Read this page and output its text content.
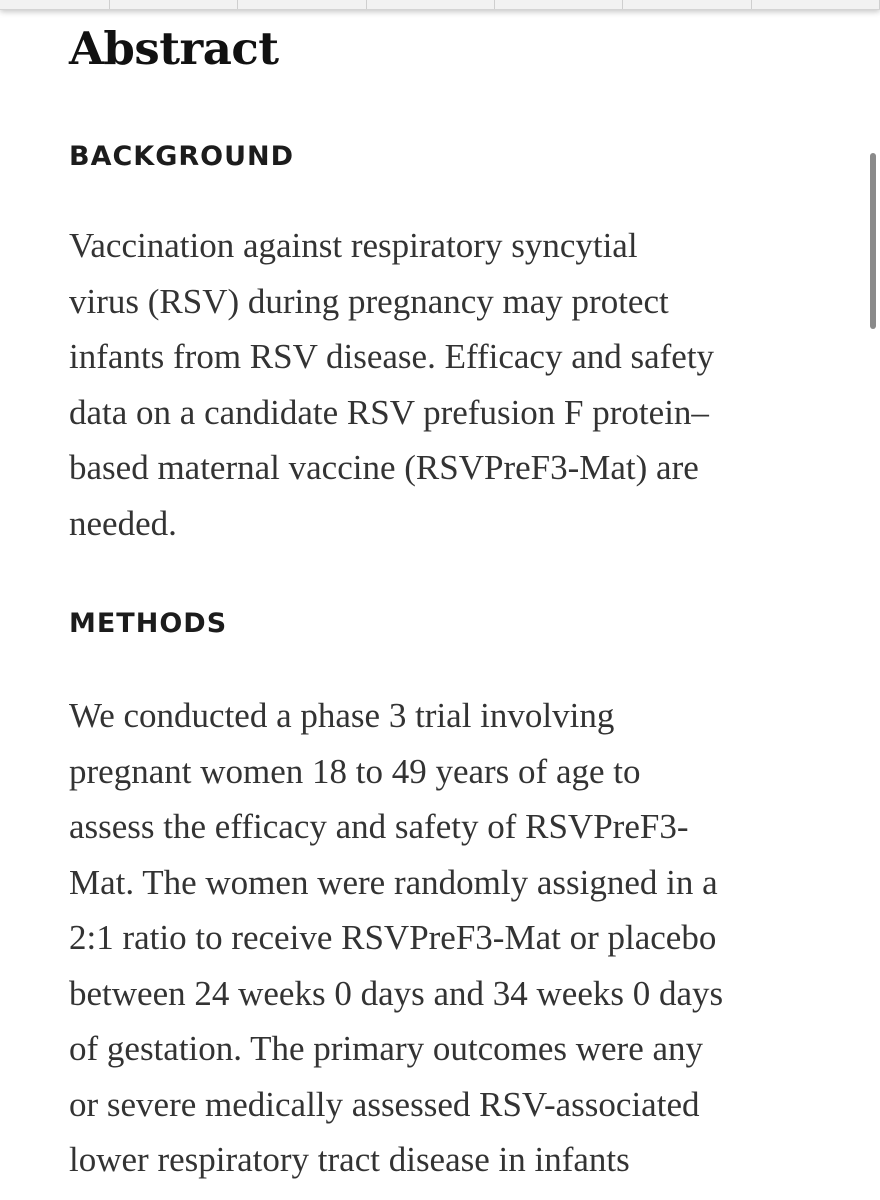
Abstract
BACKGROUND

Vaccination against respiratory syncytial
virus (RSV) during pregnancy may protect
infants from RSV disease. Efficacy and safety
data on a candidate RSV prefusion F protein–
based maternal vaccine (RSVPreF3-Mat) are
needed.

METHODS

We conducted a phase 3 trial involving
pregnant women 18 to 49 years of age to
assess the efficacy and safety of RSVPreF3-
Mat. The women were randomly assigned in a
2:1 ratio to receive RSVPreF3-Mat or placebo
between 24 weeks 0 days and 34 weeks 0 days
of gestation. The primary outcomes were any
or severe medically assessed RSV-associated
lower respiratory tract disease in infants
